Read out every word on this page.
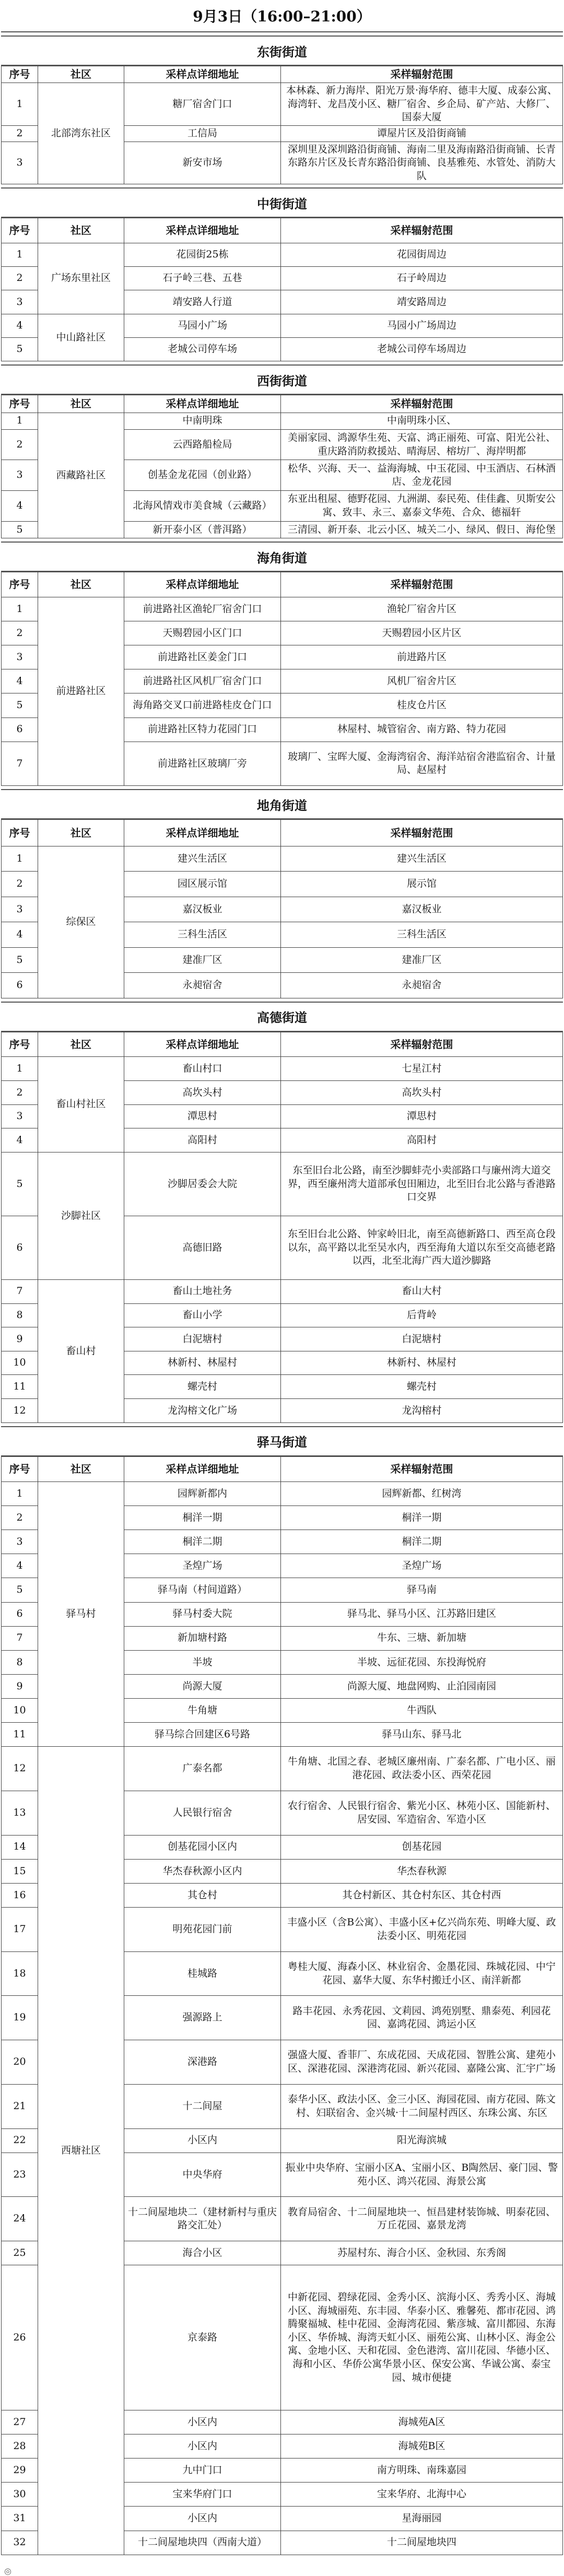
9月3日（16:00–21:00）
东街街道
序号	社区	采样点详细地址	采样辐射范围
1	北部湾东社区	糖厂宿舍门口	本林森、新力海岸、阳光万景·海华府、德丰大厦、成泰公寓、海湾轩、龙昌茂小区、糖厂宿舍、乡企局、矿产站、大修厂、国泰大厦
2		工信局	谭屋片区及沿街商铺
3		新安市场	深圳里及深圳路沿街商铺、海南二里及海南路沿街商铺、长青东路东片区及长青东路沿街商铺、良基雅苑、水管处、消防大队
中街街道
序号	社区	采样点详细地址	采样辐射范围
1	广场东里社区	花园街25栋	花园街周边
2		石子岭三巷、五巷	石子岭周边
3		靖安路人行道	靖安路周边
4	中山路社区	马园小广场	马园小广场周边
5		老城公司停车场	老城公司停车场周边
西街街道
序号	社区	采样点详细地址	采样辐射范围
1	西藏路社区	中南明珠	中南明珠小区、
2		云西路船检局	美丽家园、鸿源华生苑、天富、鸿正丽苑、可富、阳光公社、重庆路消防救援站、晴海居、榕坊厂、海岸明都
3		创基金龙花园（创业路）	松华、兴海、天一、益海海城、中玉花园、中玉酒店、石林酒店、金龙花园
4		北海风情戏市美食城（云藏路）	东亚出租屋、德野花园、九洲湖、泰民苑、佳佳鑫、贝斯安公寓、致丰、永三、嘉泰文华苑、合众、德福轩
5		新开泰小区（普洱路）	三清园、新开泰、北云小区、城关二小、绿风、假日、海伦堡
海角街道
序号	社区	采样点详细地址	采样辐射范围
1	前进路社区	前进路社区渔轮厂宿舍门口	渔轮厂宿舍片区
2		天赐碧园小区门口	天赐碧园小区片区
3		前进路社区姜金门口	前进路片区
4		前进路社区风机厂宿舍门口	风机厂宿舍片区
5		海角路交叉口前进路桂皮仓门口	桂皮仓片区
6		前进路社区特力花园门口	林屋村、城管宿舍、南方路、特力花园
7		前进路社区玻璃厂旁	玻璃厂、宝晖大厦、金海湾宿舍、海洋站宿舍港监宿舍、计量局、赵屋村
地角街道
序号	社区	采样点详细地址	采样辐射范围
1	综保区	建兴生活区	建兴生活区
2		园区展示馆	展示馆
3		嘉汉板业	嘉汉板业
4		三科生活区	三科生活区
5		建准厂区	建准厂区
6		永昶宿舍	永昶宿舍
高德街道
序号	社区	采样点详细地址	采样辐射范围
1	畜山村社区	畜山村口	七星江村
2		高坎头村	高坎头村
3		潭思村	潭思村
4		高阳村	高阳村
5	沙脚社区	沙脚居委会大院	东至旧台北公路，南至沙脚蚌壳小卖部路口与廉州湾大道交界，西至廉州湾大道部承包田厢边，北至旧台北公路与香港路口交界
6		高德旧路	东至旧台北公路、钟家岭旧北，南至高德新路口、西至高仓段以东，高平路以北至吴水内，西至海角大道以东至交高德老路以西，北至北海广西大道沙脚路
7	畜山村	畜山土地社务	畜山大村
8		畜山小学	后背岭
9		白泥塘村	白泥塘村
10		林新村、林屋村	林新村、林屋村
11		螺壳村	螺壳村
12		龙沟榕文化广场	龙沟榕村
驿马街道
序号	社区	采样点详细地址	采样辐射范围
1	驿马村	园辉新都内	园辉新都、红树湾
2		桐洋一期	桐洋一期
3		桐洋二期	桐洋二期
4		圣煌广场	圣煌广场
5		驿马南（村间道路）	驿马南
6		驿马村委大院	驿马北、驿马小区、江苏路旧建区
7		新加塘村路	牛东、三塘、新加塘
8		半坡	半坡、远征花园、东投海悦府
9		尚源大厦	尚源大厦、地盘网购、止泊园南园
10		牛角塘	牛西队
11		驿马综合回建区6号路	驿马山东、驿马北
12	西塘社区	广泰名都	牛角塘、北国之春、老城区廉州南、广泰名都、广电小区、丽港花园、政法委小区、西荣花园
13		人民银行宿舍	农行宿舍、人民银行宿舍、紫光小区、林苑小区、国能新村、居安园、军造宿舍、军造小区
14		创基花园小区内	创基花园
15		华杰春秋源小区内	华杰春秋源
16		其仓村	其仓村新区、其仓村东区、其仓村西
17		明苑花园门前	丰盛小区（含B公寓）、丰盛小区+亿兴尚东苑、明峰大厦、政法委小区、明苑花园
18		桂城路	粤桂大厦、海森小区、林业宿舍、金墨花园、珠城花园、中宁花园、嘉华大厦、东华村搬迁小区、南洋新都
19		强源路上	路丰花园、永秀花园、文莉园、鸿苑别墅、鼎泰苑、利园花园、嘉鸿花园、鸿运小区
20		深港路	强盛大厦、香菲厂、东成花园、天成花园、智胜公寓、建苑小区、深港花园、深港湾花园、新兴花园、嘉隆公寓、汇宇广场
21		十二间屋	泰华小区、政法小区、金三小区、海园花园、南方花园、陈文村、妇联宿舍、金兴城·十二间屋村西区、东珠公寓、东区
22		小区内	阳光海滨城
23		中央华府	振业中央华府、宝丽小区A、宝丽小区、B陶然居、豪门园、警苑小区、鸿兴花园、海景公寓
24		十二间屋地块二（建材新村与重庆路交汇处）	教育局宿舍、十二间屋地块一、恒昌建材装饰城、明泰花园、万丘花园、嘉景龙湾
25		海合小区	苏屋村东、海合小区、金秋园、东秀阁
26		京泰路	中新花园、碧绿花园、金秀小区、滨海小区、秀秀小区、海城小区、海城丽苑、东丰园、华泰小区、雅馨苑、都市花园、鸿腾聚福城、桂中花园、金海湾花园、紫彦城、富川都园、东海小区、华侨城、海湾天虹小区、丽苑公寓、山林小区、海金公寓、金地小区、天和花园、金色港湾、富川花园、华德小区、海和小区、华侨公寓华景小区、保安公寓、华诚公寓、泰宝园、城市便捷
27		小区内	海城苑A区
28		小区内	海城苑B区
29		九中门口	南方明珠、南珠嘉园
30		宝来华府门口	宝来华府、北海中心
31		小区内	星海丽园
32		十二间屋地块四（西南大道）	十二间屋地块四
◎
